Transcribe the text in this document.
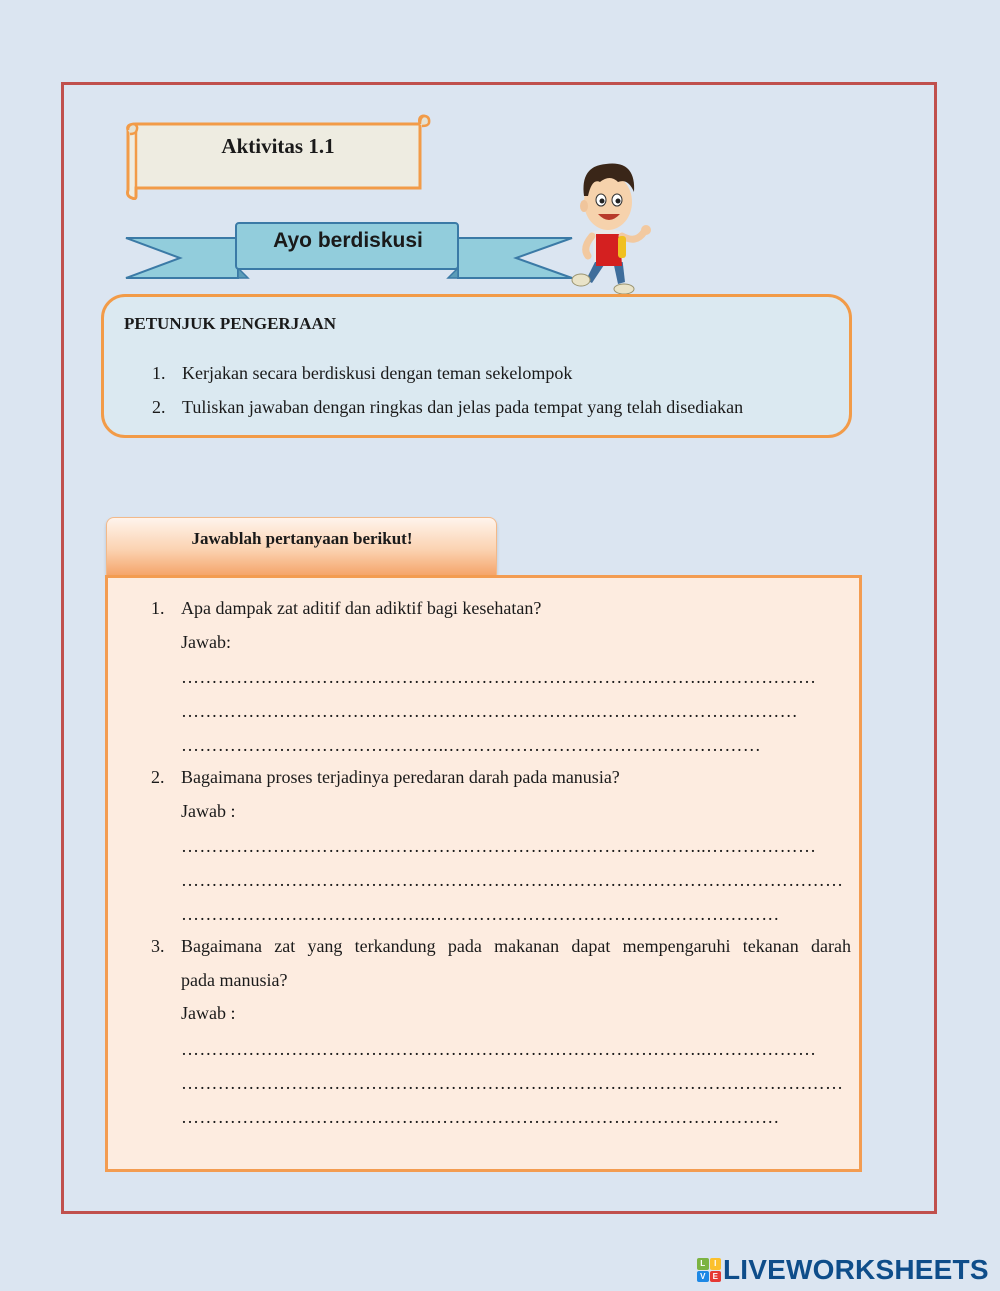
Aktivitas 1.1
Ayo berdiskusi
PETUNJUK PENGERJAAN
1. Kerjakan secara berdiskusi dengan teman sekelompok
2. Tuliskan jawaban dengan ringkas dan jelas pada tempat yang telah disediakan
Jawablah pertanyaan berikut!
1. Apa dampak zat aditif dan adiktif bagi kesehatan?
Jawab:
…………………………………………………………………………..………………
…………………………………………………………..……………………………
……………………………………..……………………………………………
2. Bagaimana proses terjadinya peredaran darah pada manusia?
Jawab :
…………………………………………………………………………..………………
………………………………………………………………………………………………
…………………………………..…………………………………………………
3. Bagaimana zat yang terkandung pada makanan dapat mempengaruhi tekanan darah
pada manusia?
Jawab :
…………………………………………………………………………..………………
………………………………………………………………………………………………
…………………………………..…………………………………………………
L	I
V E LIVEWORKSHEETS
